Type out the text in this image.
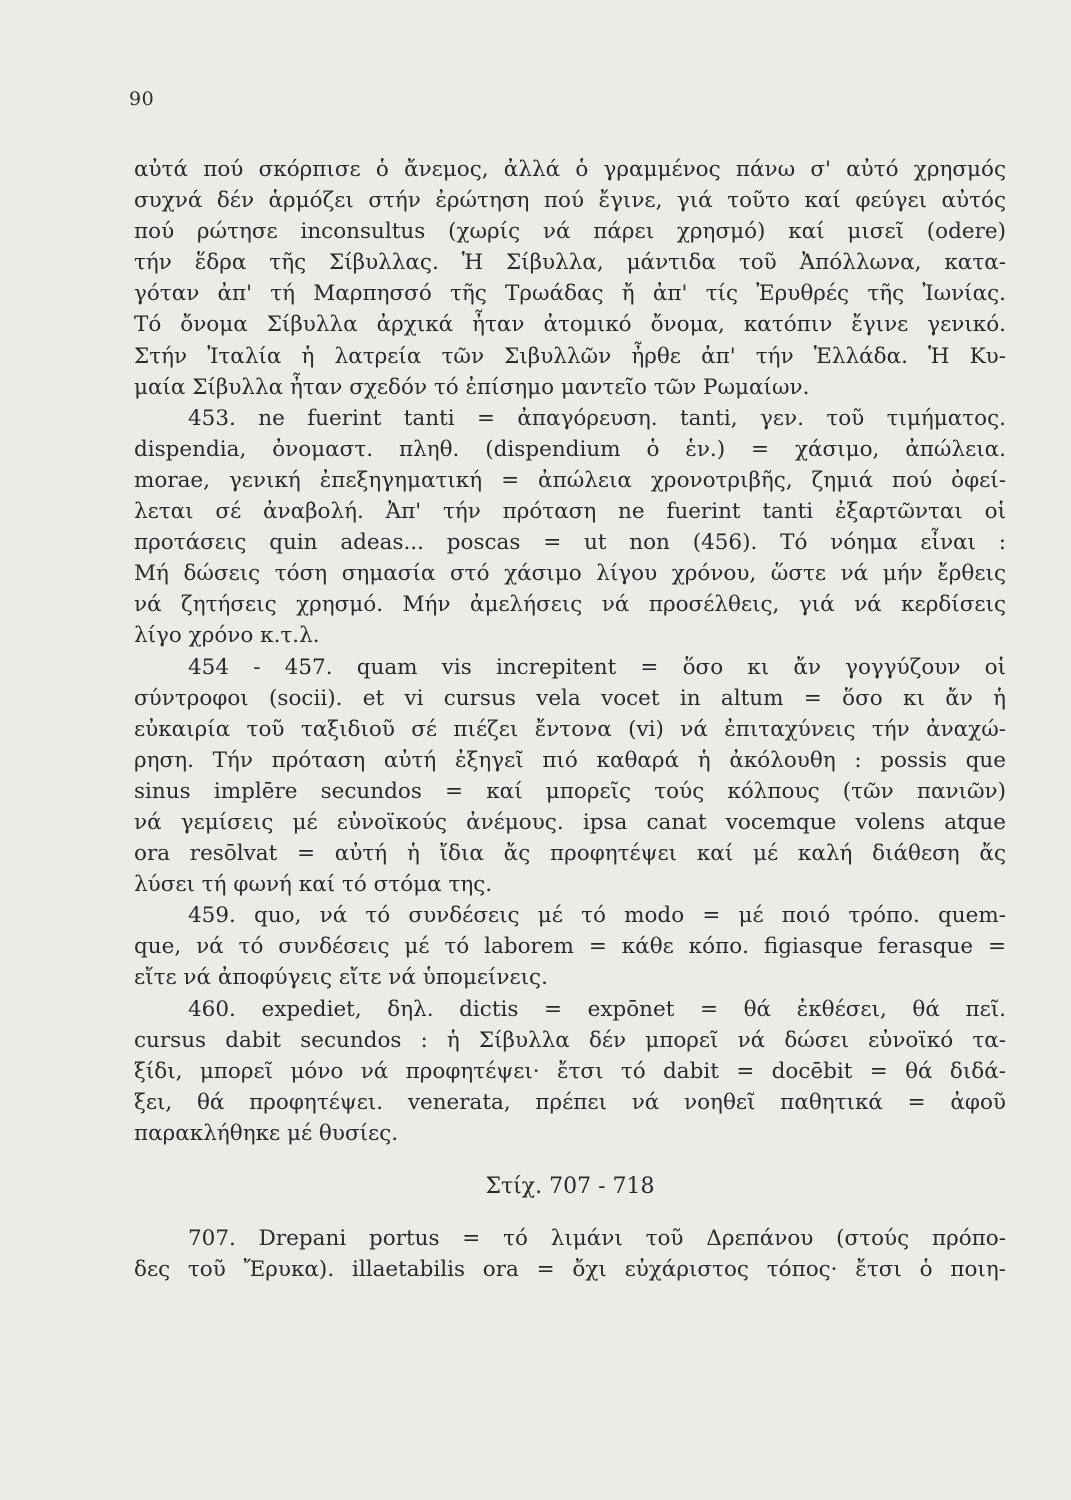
90
αὐτά πού σκόρπισε ὁ ἄνεμος, ἀλλά ὁ γραμμένος πάνω σ' αὐτό χρησμός
συχνά δέν ἁρμόζει στήν ἐρώτηση πού ἔγινε, γιά τοῦτο καί φεύγει αὐτός
πού ρώτησε inconsultus (χωρίς νά πάρει χρησμό) καί μισεῖ (odere)
τήν ἕδρα τῆς Σίβυλλας. Ἡ Σίβυλλα, μάντιδα τοῦ Ἀπόλλωνα, κατα-
γόταν ἀπ' τή Μαρπησσό τῆς Τρωάδας ἤ ἀπ' τίς Ἐρυθρές τῆς Ἰωνίας.
Τό ὄνομα Σίβυλλα ἀρχικά ἦταν ἀτομικό ὄνομα, κατόπιν ἔγινε γενικό.
Στήν Ἰταλία ἡ λατρεία τῶν Σιβυλλῶν ἦρθε ἀπ' τήν Ἑλλάδα. Ἡ Κυ-
μαία Σίβυλλα ἦταν σχεδόν τό ἐπίσημο μαντεῖο τῶν Ρωμαίων.
453. ne fuerint tanti = ἀπαγόρευση. tanti, γεν. τοῦ τιμήματος.
dispendia, ὀνομαστ. πληθ. (dispendium ὁ ἑν.) = χάσιμο, ἀπώλεια.
morae, γενική ἐπεξηγηματική = ἀπώλεια χρονοτριβῆς, ζημιά πού ὀφεί-
λεται σέ ἀναβολή. Ἀπ' τήν πρόταση ne fuerint tanti ἐξαρτῶνται οἱ
προτάσεις quin adeas... poscas = ut non (456). Τό νόημα εἶναι :
Μή δώσεις τόση σημασία στό χάσιμο λίγου χρόνου, ὥστε νά μήν ἔρθεις
νά ζητήσεις χρησμό. Μήν ἀμελήσεις νά προσέλθεις, γιά νά κερδίσεις
λίγο χρόνο κ.τ.λ.
454 - 457. quam vis increpitent = ὅσο κι ἄν γογγύζουν οἱ
σύντροφοι (socii). et vi cursus vela vocet in altum = ὅσο κι ἄν ἡ
εὐκαιρία τοῦ ταξιδιοῦ σέ πιέζει ἔντονα (vi) νά ἐπιταχύνεις τήν ἀναχώ-
ρηση. Τήν πρόταση αὐτή ἐξηγεῖ πιό καθαρά ἡ ἀκόλουθη : possis que
sinus implēre secundos = καί μπορεῖς τούς κόλπους (τῶν πανιῶν)
νά γεμίσεις μέ εὐνοϊκούς ἀνέμους. ipsa canat vocemque volens atque
ora resōlvat = αὐτή ἡ ἴδια ἄς προφητέψει καί μέ καλή διάθεση ἄς
λύσει τή φωνή καί τό στόμα της.
459. quo, νά τό συνδέσεις μέ τό modo = μέ ποιό τρόπο. quem-
que, νά τό συνδέσεις μέ τό laborem = κάθε κόπο. figiasque ferasque =
εἴτε νά ἀποφύγεις εἴτε νά ὑπομείνεις.
460. expediet, δηλ. dictis = expōnet = θά ἐκθέσει, θά πεῖ.
cursus dabit secundos : ἡ Σίβυλλα δέν μπορεῖ νά δώσει εὐνοϊκό τα-
ξίδι, μπορεῖ μόνο νά προφητέψει· ἔτσι τό dabit = docēbit = θά διδά-
ξει, θά προφητέψει. venerata, πρέπει νά νοηθεῖ παθητικά = ἀφοῦ
παρακλήθηκε μέ θυσίες.
Στίχ. 707 - 718
707. Drepani portus = τό λιμάνι τοῦ Δρεπάνου (στούς πρόπο-
δες τοῦ Ἔρυκα). illaetabilis ora = ὄχι εὐχάριστος τόπος· ἔτσι ὁ ποιη-
